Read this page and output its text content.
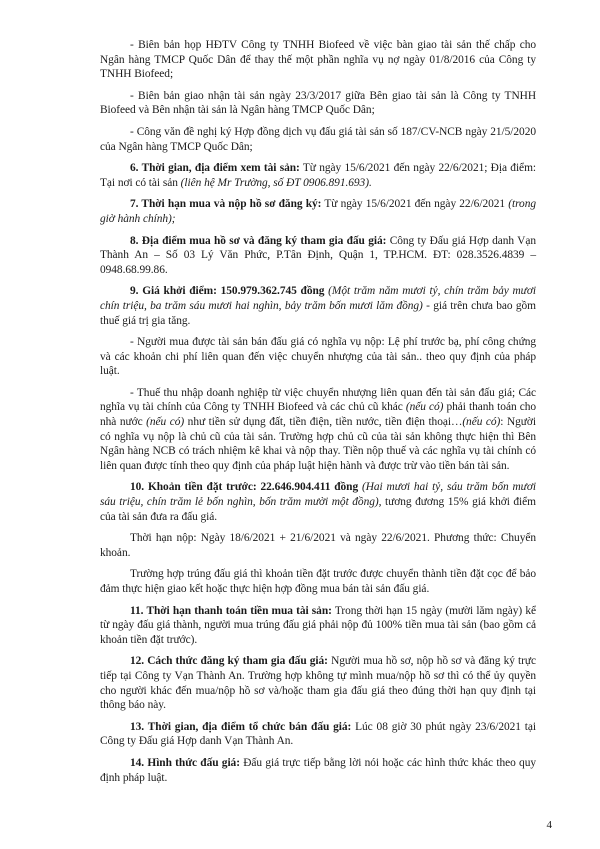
- Biên bản họp HĐTV Công ty TNHH Biofeed về việc bàn giao tài sản thế chấp cho Ngân hàng TMCP Quốc Dân để thay thế một phần nghĩa vụ nợ ngày 01/8/2016 của Công ty TNHH Biofeed;

- Biên bản giao nhận tài sản ngày 23/3/2017 giữa Bên giao tài sản là Công ty TNHH Biofeed và Bên nhận tài sản là Ngân hàng TMCP Quốc Dân;

- Công văn đề nghị ký Hợp đồng dịch vụ đấu giá tài sản số 187/CV-NCB ngày 21/5/2020 của Ngân hàng TMCP Quốc Dân;

6. Thời gian, địa điểm xem tài sản: Từ ngày 15/6/2021 đến ngày 22/6/2021; Địa điểm: Tại nơi có tài sản (liên hệ Mr Trường, số ĐT 0906.891.693).

7. Thời hạn mua và nộp hồ sơ đăng ký: Từ ngày 15/6/2021 đến ngày 22/6/2021 (trong giờ hành chính);

8. Địa điểm mua hồ sơ và đăng ký tham gia đấu giá: Công ty Đấu giá Hợp danh Vạn Thành An – Số 03 Lý Văn Phức, P.Tân Định, Quận 1, TP.HCM. ĐT: 028.3526.4839 – 0948.68.99.86.

9. Giá khởi điểm: 150.979.362.745 đồng (Một trăm năm mươi tỷ, chín trăm bảy mươi chín triệu, ba trăm sáu mươi hai nghìn, bảy trăm bốn mươi lăm đồng) - giá trên chưa bao gồm thuế giá trị gia tăng.

- Người mua được tài sản bán đấu giá có nghĩa vụ nộp: Lệ phí trước bạ, phí công chứng và các khoản chi phí liên quan đến việc chuyển nhượng của tài sản.. theo quy định của pháp luật.

- Thuế thu nhập doanh nghiệp từ việc chuyển nhượng liên quan đến tài sản đấu giá; Các nghĩa vụ tài chính của Công ty TNHH Biofeed và các chủ cũ khác (nếu có) phải thanh toán cho nhà nước (nếu có) như tiền sử dụng đất, tiền điện, tiền nước, tiền điện thoại…(nếu có): Người có nghĩa vụ nộp là chủ cũ của tài sản. Trường hợp chủ cũ của tài sản không thực hiện thì Bên Ngân hàng NCB có trách nhiệm kê khai và nộp thay. Tiền nộp thuế và các nghĩa vụ tài chính có liên quan được tính theo quy định của pháp luật hiện hành và được trừ vào tiền bán tài sản.

10. Khoản tiền đặt trước: 22.646.904.411 đồng (Hai mươi hai tỷ, sáu trăm bốn mươi sáu triệu, chín trăm lẻ bốn nghìn, bốn trăm mười một đồng), tương đương 15% giá khởi điểm của tài sản đưa ra đấu giá.

Thời hạn nộp: Ngày 18/6/2021 + 21/6/2021 và ngày 22/6/2021. Phương thức: Chuyển khoản.

Trường hợp trúng đấu giá thì khoản tiền đặt trước được chuyển thành tiền đặt cọc để bảo đảm thực hiện giao kết hoặc thực hiện hợp đồng mua bán tài sản đấu giá.

11. Thời hạn thanh toán tiền mua tài sản: Trong thời hạn 15 ngày (mười lăm ngày) kể từ ngày đấu giá thành, người mua trúng đấu giá phải nộp đủ 100% tiền mua tài sản (bao gồm cả khoản tiền đặt trước).

12. Cách thức đăng ký tham gia đấu giá: Người mua hồ sơ, nộp hồ sơ và đăng ký trực tiếp tại Công ty Vạn Thành An. Trường hợp không tự mình mua/nộp hồ sơ thì có thể ủy quyền cho người khác đến mua/nộp hồ sơ và/hoặc tham gia đấu giá theo đúng thời hạn quy định tại thông báo này.

13. Thời gian, địa điểm tổ chức bán đấu giá: Lúc 08 giờ 30 phút ngày 23/6/2021 tại Công ty Đấu giá Hợp danh Vạn Thành An.

14. Hình thức đấu giá: Đấu giá trực tiếp bằng lời nói hoặc các hình thức khác theo quy định pháp luật.

4
